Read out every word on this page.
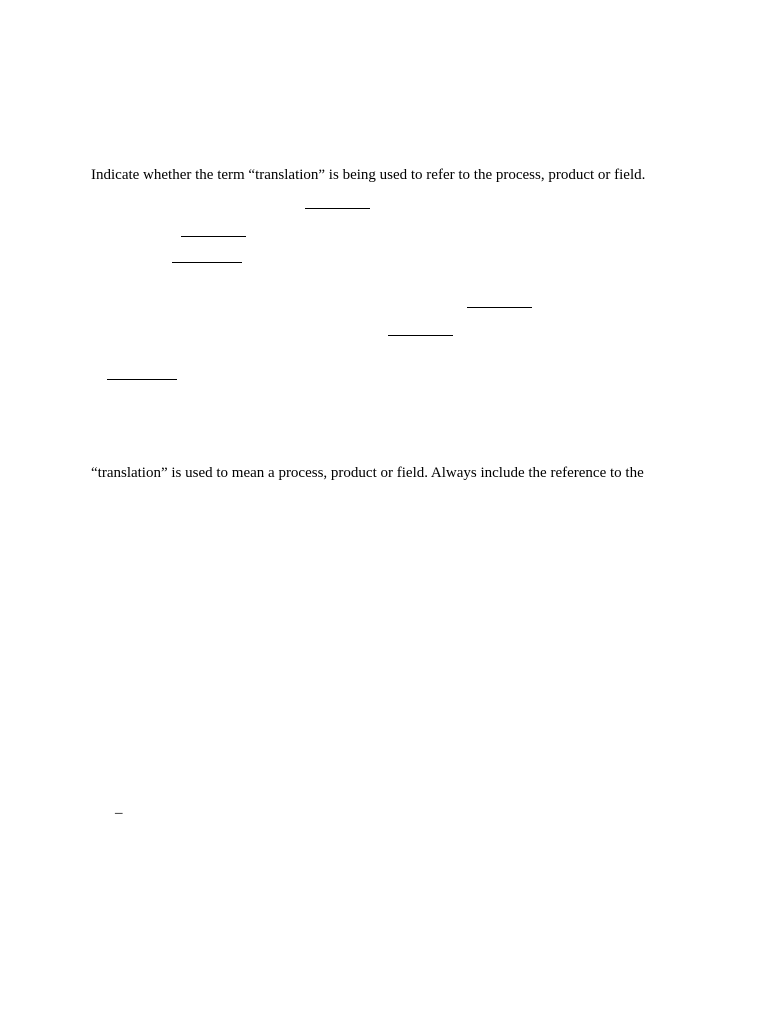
Indicate whether the term “translation” is being used to refer to the process, product or field.
“translation” is used to mean a process, product or field. Always include the reference to the
–
